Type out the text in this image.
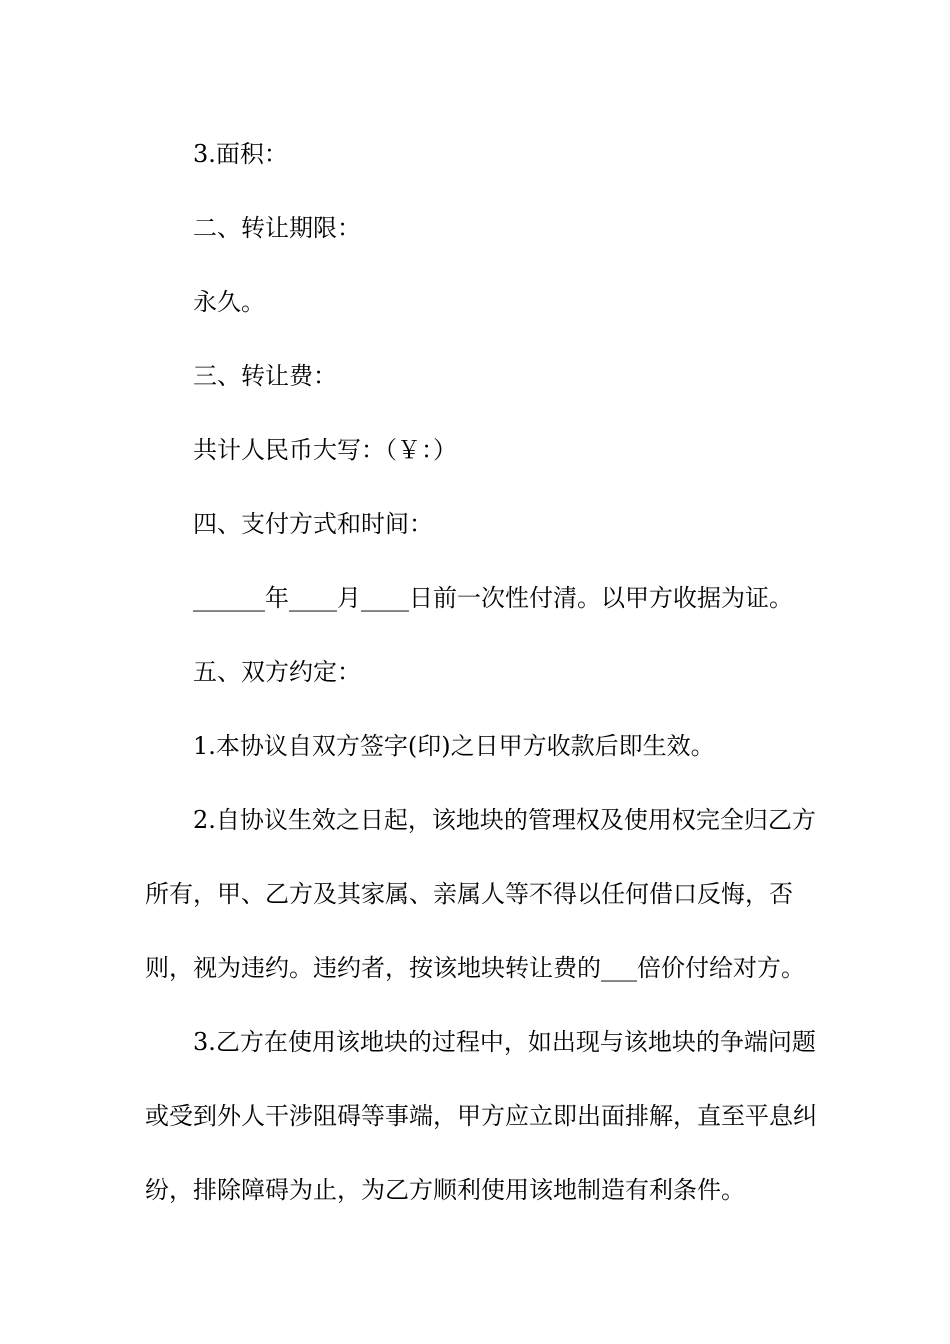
3.面积：

二、转让期限：

永久。

三、转让费：

共计人民币大写：（￥：）

四、支付方式和时间：

______年____月____日前一次性付清。以甲方收据为证。

五、双方约定：

1.本协议自双方签字(印)之日甲方收款后即生效。

2.自协议生效之日起，该地块的管理权及使用权完全归乙方所有，甲、乙方及其家属、亲属人等不得以任何借口反悔，否则，视为违约。违约者，按该地块转让费的___倍价付给对方。

3.乙方在使用该地块的过程中，如出现与该地块的争端问题或受到外人干涉阻碍等事端，甲方应立即出面排解，直至平息纠纷，排除障碍为止，为乙方顺利使用该地制造有利条件。
